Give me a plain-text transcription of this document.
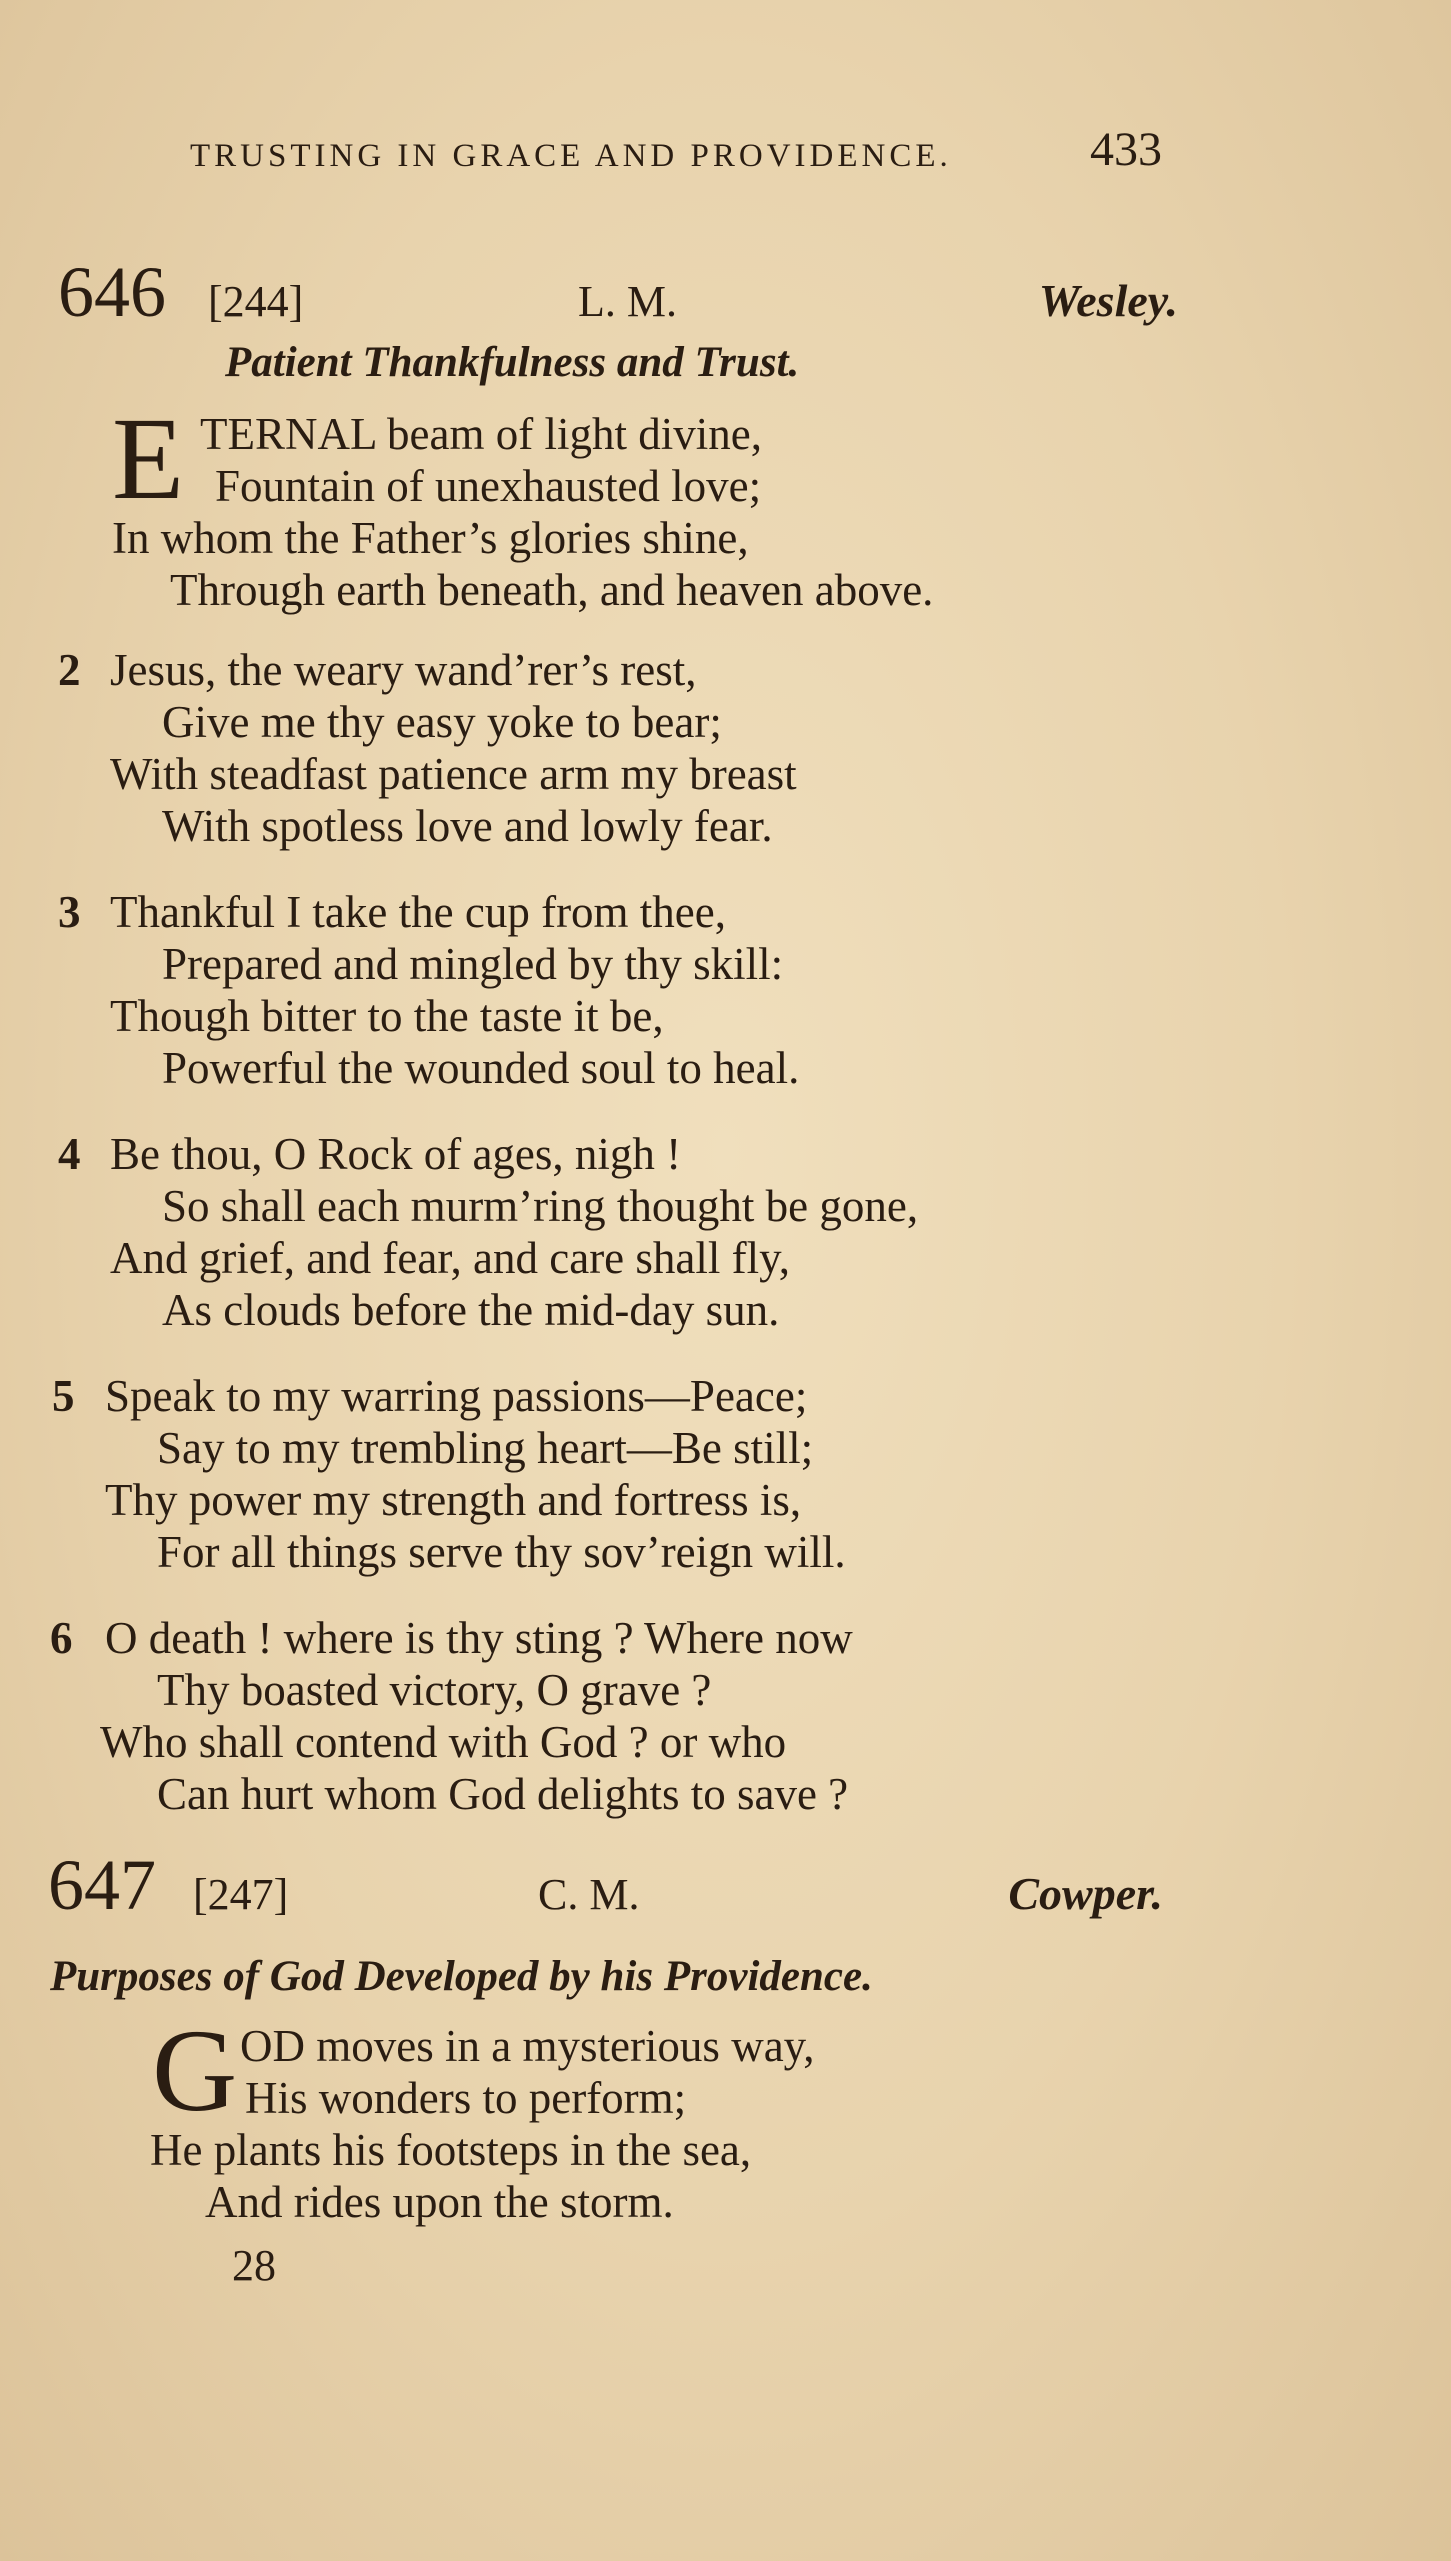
TRUSTING IN GRACE AND PROVIDENCE.	433
646 [244]	L. M.	Wesley.
Patient Thankfulness and Trust.
E TERNAL beam of light divine,
Fountain of unexhausted love;
In whom the Father’s glories shine,
Through earth beneath, and heaven above.
2 Jesus, the weary wand’rer’s rest,
Give me thy easy yoke to bear;
With steadfast patience arm my breast
With spotless love and lowly fear.
3 Thankful I take the cup from thee,
Prepared and mingled by thy skill:
Though bitter to the taste it be,
Powerful the wounded soul to heal.
4 Be thou, O Rock of ages, nigh !
So shall each murm’ring thought be gone,
And grief, and fear, and care shall fly,
As clouds before the mid-day sun.
5 Speak to my warring passions—Peace;
Say to my trembling heart—Be still;
Thy power my strength and fortress is,
For all things serve thy sov’reign will.
6 O death ! where is thy sting ? Where now
Thy boasted victory, O grave ?
Who shall contend with God ? or who
Can hurt whom God delights to save ?
647 [247]	C. M.	Cowper.
Purposes of God Developed by his Providence.
G OD moves in a mysterious way,
His wonders to perform;
He plants his footsteps in the sea,
And rides upon the storm.
28
